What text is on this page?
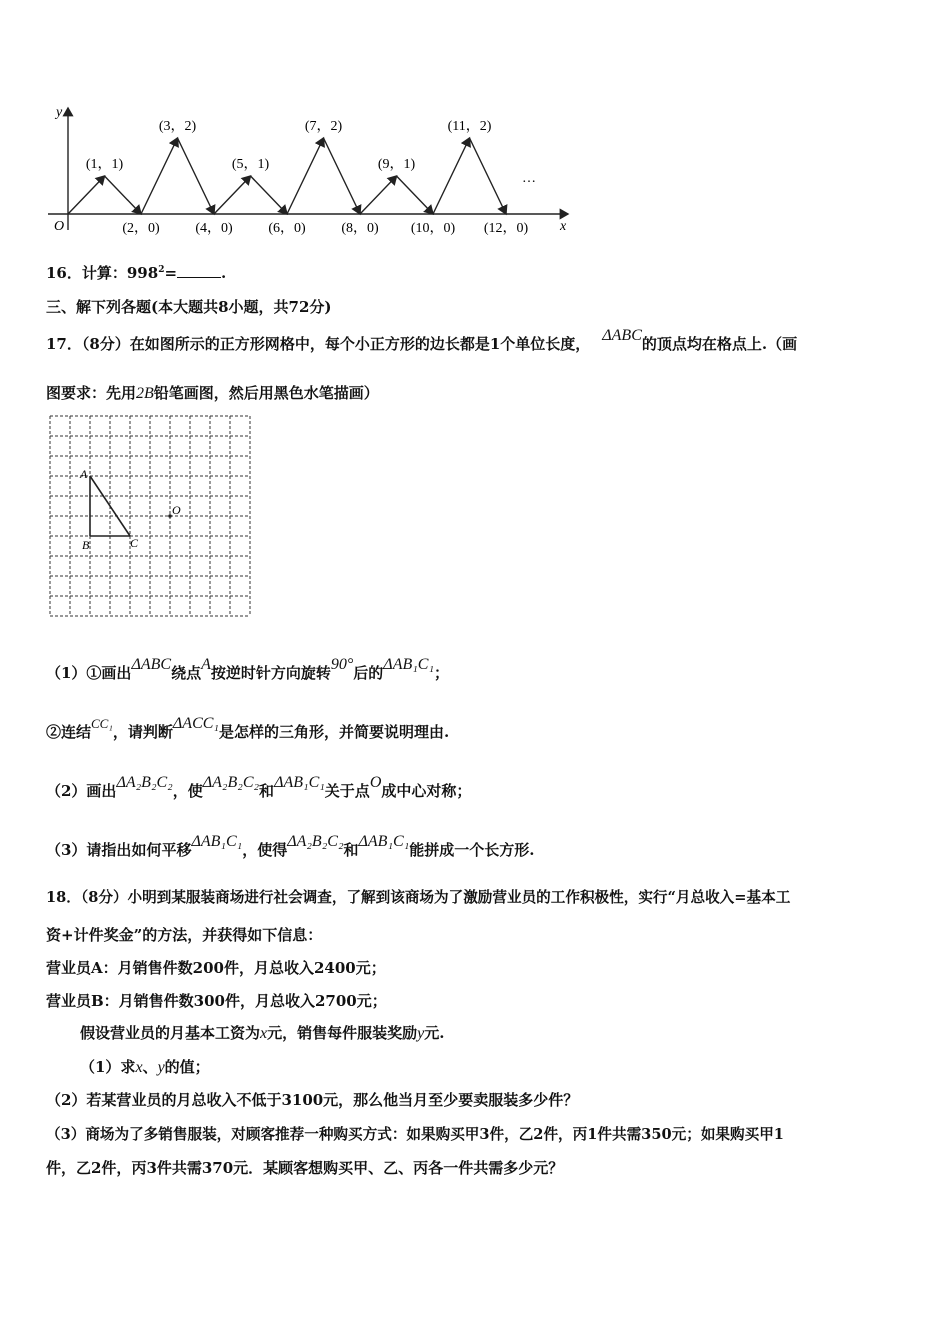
y
x
O
…
(1，1)
(3，2)
(5，1)
(7，2)
(9，1)
(11，2)
(2，0)	(4，0)	(6，0)	(8，0) (10，0) (12，0)
16．计算：$998^2=$	.
三、解下列各题(本大题共8小题，共72分)
17．（8分）在如图所示的正方形网格中，每个小正方形的边长都是1个单位长度， ΔABC的顶点均在格点上.（画
图要求：先用2B铅笔画图，然后用黑色水笔描画）
A
B	C
O
（1）①画出ΔABC绕点A按逆时针方向旋转90°后的ΔAB₁C₁；
②连结CC₁，请判断ΔACC₁是怎样的三角形，并简要说明理由.
（2）画出ΔA₂B₂C₂，使ΔA₂B₂C₂和ΔAB₁C₁关于点O成中心对称；
（3）请指出如何平移ΔAB₁C₁，使得ΔA₂B₂C₂和ΔAB₁C₁能拼成一个长方形.
18．（8分）小明到某服装商场进行社会调查，了解到该商场为了激励营业员的工作积极性，实行“月总收入=基本工
资+计件奖金”的方法，并获得如下信息：
营业员A：月销售件数200件，月总收入2400元；
营业员B：月销售件数300件，月总收入2700元；
假设营业员的月基本工资为x元，销售每件服装奖励y元.
（1）求x、y的值；
（2）若某营业员的月总收入不低于3100元，那么他当月至少要卖服装多少件？
（3）商场为了多销售服装，对顾客推荐一种购买方式：如果购买甲3件，乙2件，丙1件共需350元；如果购买甲1
件，乙2件，丙3件共需370元．某顾客想购买甲、乙、丙各一件共需多少元？
